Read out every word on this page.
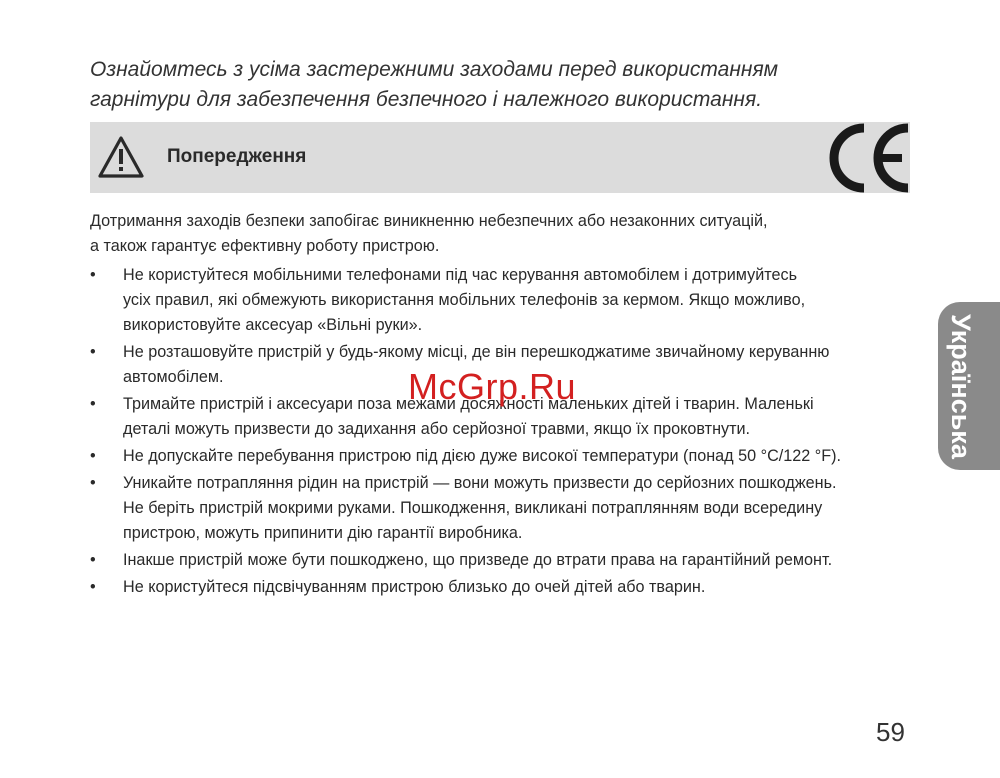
Ознайомтесь з усіма застережними заходами перед використанням

гарнітури для забезпечення безпечного і належного використання.

Попередження

Дотримання заходів безпеки запобігає виникненню небезпечних або незаконних ситуацій,
а також гарантує ефективну роботу пристрою.

• Не користуйтеся мобільними телефонами під час керування автомобілем і дотримуйтесь
усіх правил, які обмежують використання мобільних телефонів за кермом. Якщо можливо,
використовуйте аксесуар «Вільні руки».
• Не розташовуйте пристрій у будь-якому місці, де він перешкоджатиме звичайному керуванню
автомобілем.
• Тримайте пристрій і аксесуари поза межами досяжності маленьких дітей і тварин. Маленькі
деталі можуть призвести до задихання або серйозної травми, якщо їх проковтнути.
• Не допускайте перебування пристрою під дією дуже високої температури (понад 50 °C/122 °F).
• Уникайте потрапляння рідин на пристрій — вони можуть призвести до серйозних пошкоджень.
Не беріть пристрій мокрими руками. Пошкодження, викликані потраплянням води всередину
пристрою, можуть припинити дію гарантії виробника.
• Інакше пристрій може бути пошкоджено, що призведе до втрати права на гарантійний ремонт.
• Не користуйтеся підсвічуванням пристрою близько до очей дітей або тварин.
McGrp.Ru	Українська
59
